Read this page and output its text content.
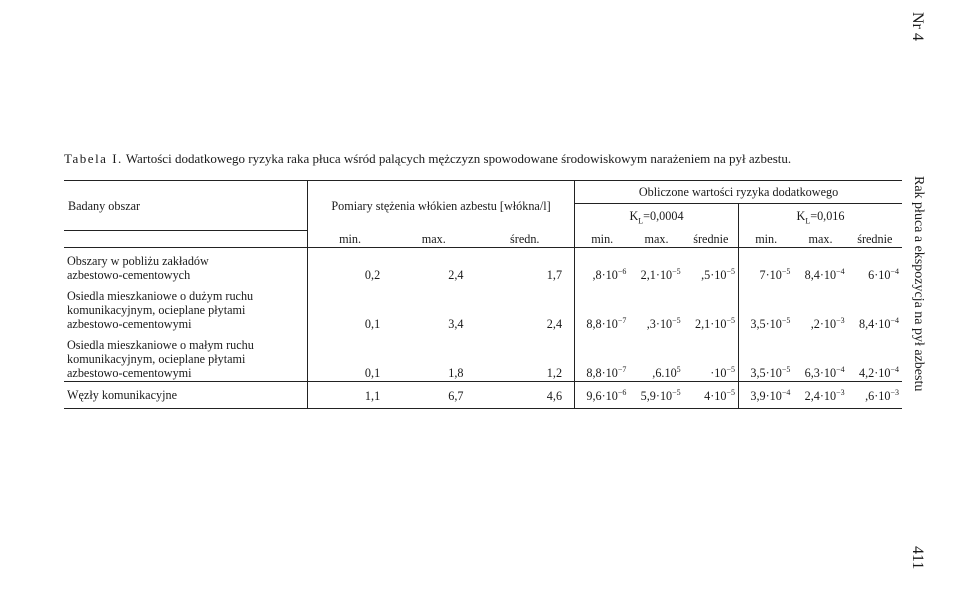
Nr 4
Rak płuca a ekspozycja na pył azbestu
411
Tabela I. Wartości dodatkowego ryzyka raka płuca wśród palących mężczyzn spowodowane środowiskowym narażeniem na pył azbestu.
Badany obszar	Pomiary stężenia włókien azbestu [włókna/l]			Obliczone wartości ryzyka dodatkowego					
				$K_L=0,0004$			$K_L=0,016$		
	min.	max.	średn.	min.	max.	średnie	min.	max.	średnie

Obszary w pobliżu zakładów
azbestowo-cementowych	0,2	2,4	1,7	$,8\cdot 10^{-6}$	$2,1\cdot 10^{-5}$	$,5\cdot 10^{-5}$	$7\cdot 10^{-5}$	$8,4\cdot 10^{-4}$	$6\cdot 10^{-4}$

Osiedla mieszkaniowe o dużym ruchu
komunikacyjnym, ocieplane płytami
azbestowo-cementowymi	0,1	3,4	2,4	$8,8\cdot 10^{-7}$	$,3\cdot 10^{-5}$	$2,1\cdot 10^{-5}$	$3,5\cdot 10^{-5}$	$,2\cdot 10^{-3}$	$8,4\cdot 10^{-4}$

Osiedla mieszkaniowe o małym ruchu
komunikacyjnym, ocieplane płytami
azbestowo-cementowymi	0,1	1,8	1,2	$8,8\cdot 10^{-7}$	$,6.10^5$	$\cdot 10^{-5}$	$3,5\cdot 10^{-5}$	$6,3\cdot 10^{-4}$	$4,2\cdot 10^{-4}$

Węzły komunikacyjne	1,1	6,7	4,6	$9,6\cdot 10^{-6}$	$5,9\cdot 10^{-5}$	$4\cdot 10^{-5}$	$3,9\cdot 10^{-4}$	$2,4\cdot 10^{-3}$	$,6\cdot 10^{-3}$
